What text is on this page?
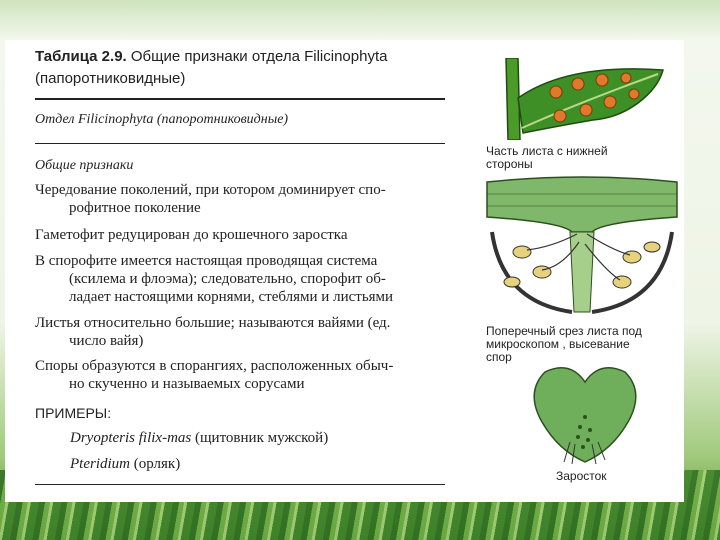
Таблица 2.9. Общие признаки отдела Filicinophyta
(папоротниковидные)
Отдел Filicinophyta (папоротниковидные)
Общие признаки
Чередование поколений, при котором доминирует спо-
рофитное поколение
Гаметофит редуцирован до крошечного заростка
В спорофите имеется настоящая проводящая система
(ксилема и флоэма); следовательно, спорофит об-
ладает настоящими корнями, стеблями и листьями
Листья относительно большие; называются вайями (ед.
число вайя)
Споры образуются в спорангиях, расположенных обыч-
но скученно и называемых сорусами
ПРИМЕРЫ:
Dryopteris filix-mas (щитовник мужской)
Pteridium (орляк)
Часть листа с нижней
стороны
Поперечный срез листа под
микроскопом , высевание
спор
Заросток
